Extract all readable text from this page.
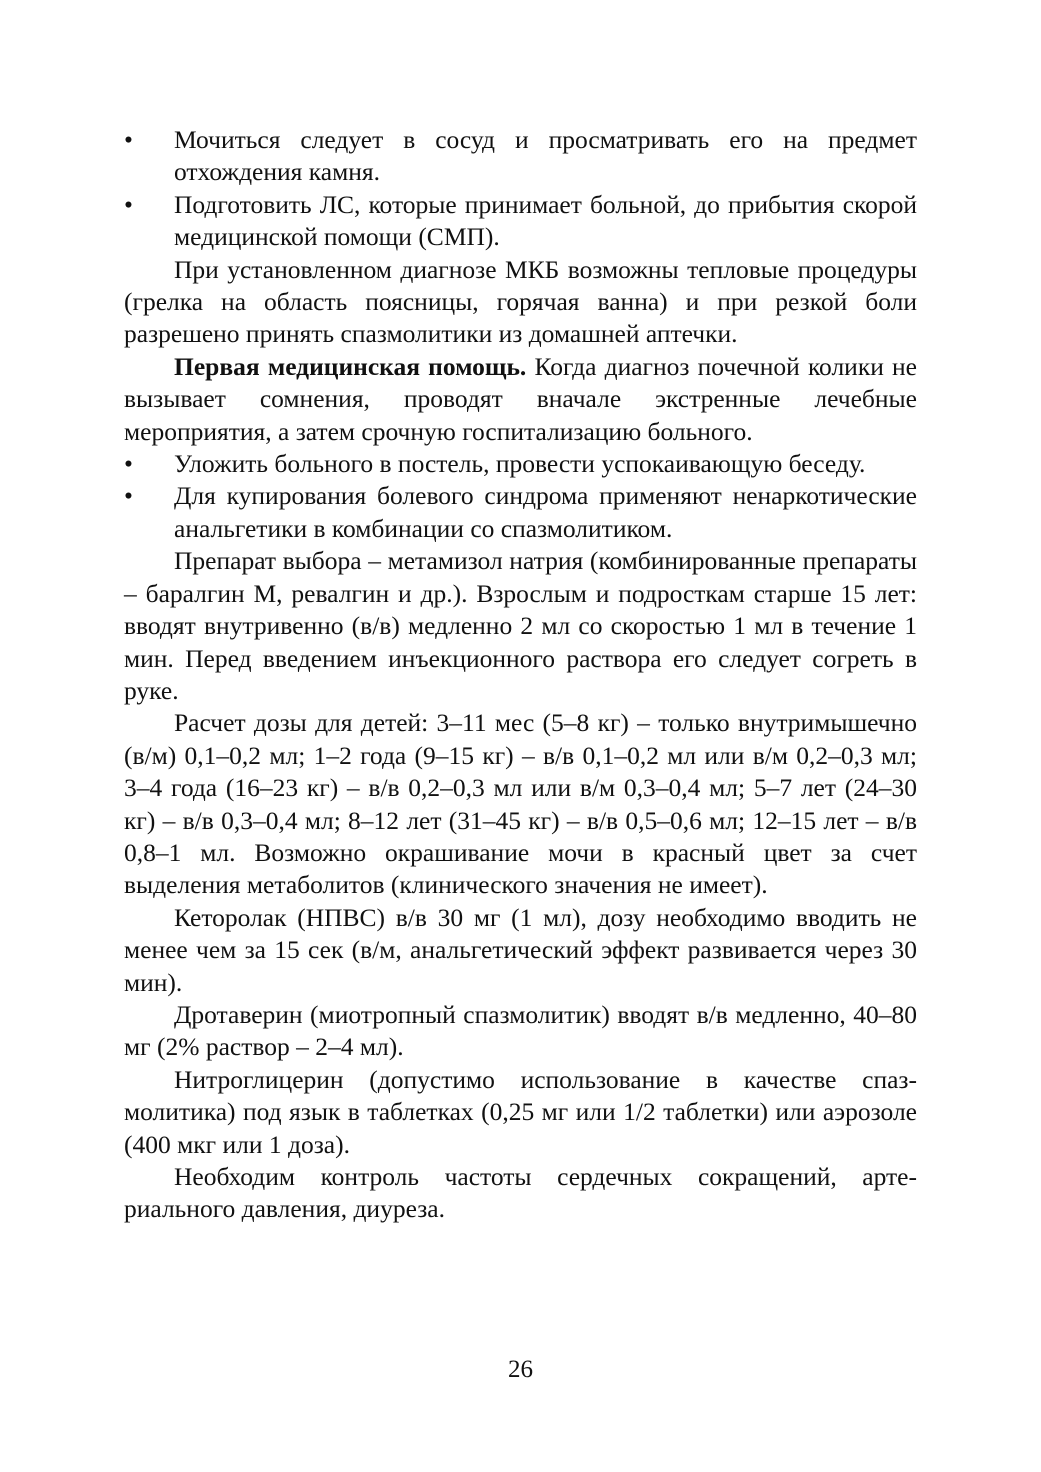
• Мочиться следует в сосуд и просматривать его на предмет отхождения камня.
• Подготовить ЛС, которые принимает больной, до прибытия скорой медицинской помощи (СМП).

При установленном диагнозе МКБ возможны тепловые процедуры (грелка на область поясницы, горячая ванна) и при резкой боли разрешено принять спазмолитики из домашней аптечки.

Первая медицинская помощь. Когда диагноз почечной колики не вызывает сомнения, проводят вначале экстренные лечебные мероприятия, а затем срочную госпитализацию больного.

• Уложить больного в постель, провести успокаивающую беседу.
• Для купирования болевого синдрома применяют ненаркотические анальгетики в комбинации со спазмолитиком.

Препарат выбора – метамизол натрия (комбинированные препараты – баралгин М, ревалгин и др.). Взрослым и подросткам старше 15 лет: вводят внутривенно (в/в) медленно 2 мл со скоростью 1 мл в течение 1 мин. Перед введением инъекционного раствора его следует согреть в руке.

Расчет дозы для детей: 3–11 мес (5–8 кг) – только внутримышечно (в/м) 0,1–0,2 мл; 1–2 года (9–15 кг) – в/в 0,1–0,2 мл или в/м 0,2–0,3 мл; 3–4 года (16–23 кг) – в/в 0,2–0,3 мл или в/м 0,3–0,4 мл; 5–7 лет (24–30 кг) – в/в 0,3–0,4 мл; 8–12 лет (31–45 кг) – в/в 0,5–0,6 мл; 12–15 лет – в/в 0,8–1 мл. Возможно окрашивание мочи в красный цвет за счет выделения метаболитов (клинического значения не имеет).

Кеторолак (НПВС) в/в 30 мг (1 мл), дозу необходимо вводить не менее чем за 15 сек (в/м, анальгетический эффект развивается через 30 мин).

Дротаверин (миотропный спазмолитик) вводят в/в медленно, 40–80 мг (2% раствор – 2–4 мл).

Нитроглицерин (допустимо использование в качестве спазмолитика) под язык в таблетках (0,25 мг или 1/2 таблетки) или аэрозоле (400 мкг или 1 доза).

Необходим контроль частоты сердечных сокращений, артериального давления, диуреза.

26
